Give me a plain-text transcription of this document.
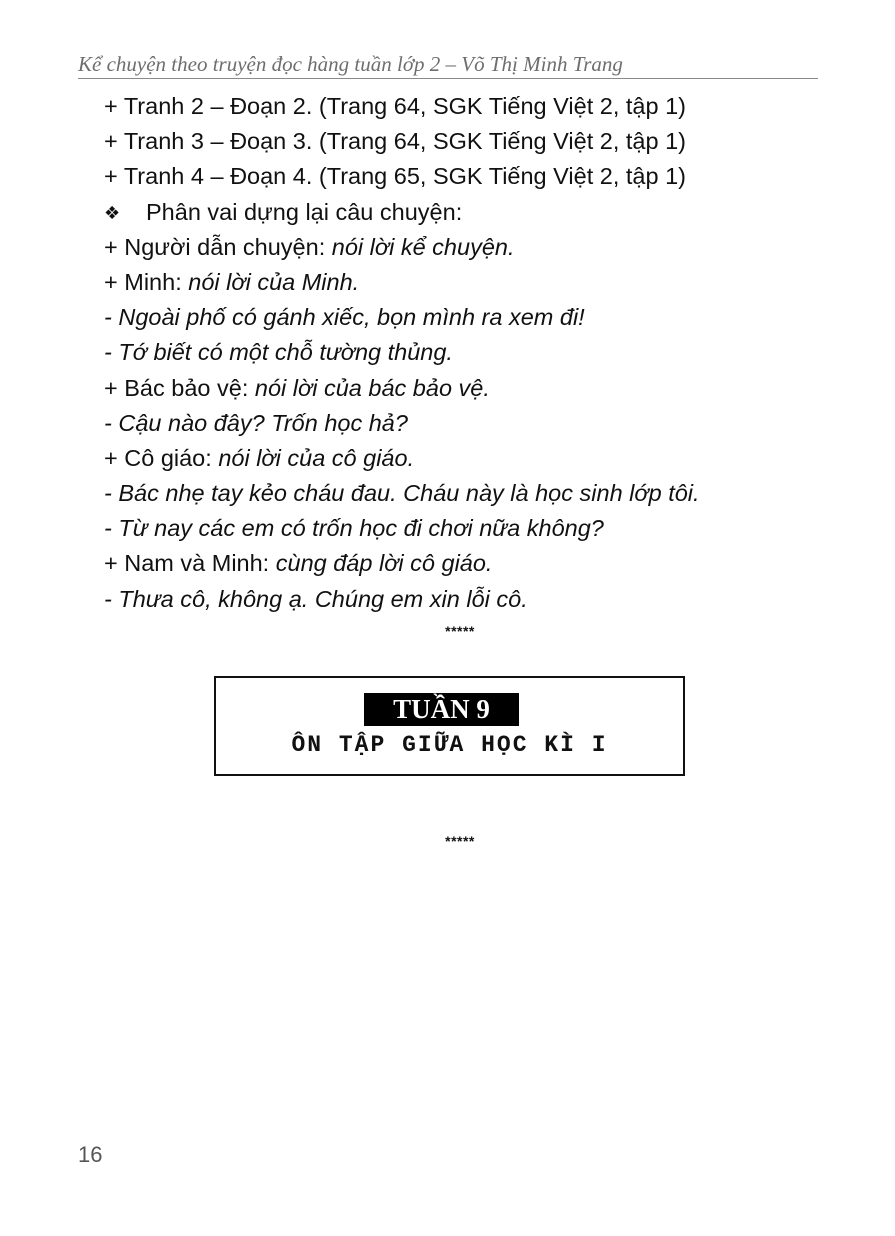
Kể chuyện theo truyện đọc hàng tuần lớp 2 – Võ Thị Minh Trang
+ Tranh 2 – Đoạn 2. (Trang 64, SGK Tiếng Việt 2, tập 1)
+ Tranh 3 – Đoạn 3. (Trang 64, SGK Tiếng Việt 2, tập 1)
+ Tranh 4 – Đoạn 4. (Trang 65, SGK Tiếng Việt 2, tập 1)
❖ Phân vai dựng lại câu chuyện:
+ Người dẫn chuyện: nói lời kể chuyện.
+ Minh: nói lời của Minh.
- Ngoài phố có gánh xiếc, bọn mình ra xem đi!
- Tớ biết có một chỗ tường thủng.
+ Bác bảo vệ: nói lời của bác bảo vệ.
- Cậu nào đây? Trốn học hả?
+ Cô giáo: nói lời của cô giáo.
- Bác nhẹ tay kẻo cháu đau. Cháu này là học sinh lớp tôi.
- Từ nay các em có trốn học đi chơi nữa không?
+ Nam và Minh: cùng đáp lời cô giáo.
- Thưa cô, không ạ. Chúng em xin lỗi cô.
*****
TUẦN 9
ÔN TẬP GIỮA HỌC KÌ I
*****
16
